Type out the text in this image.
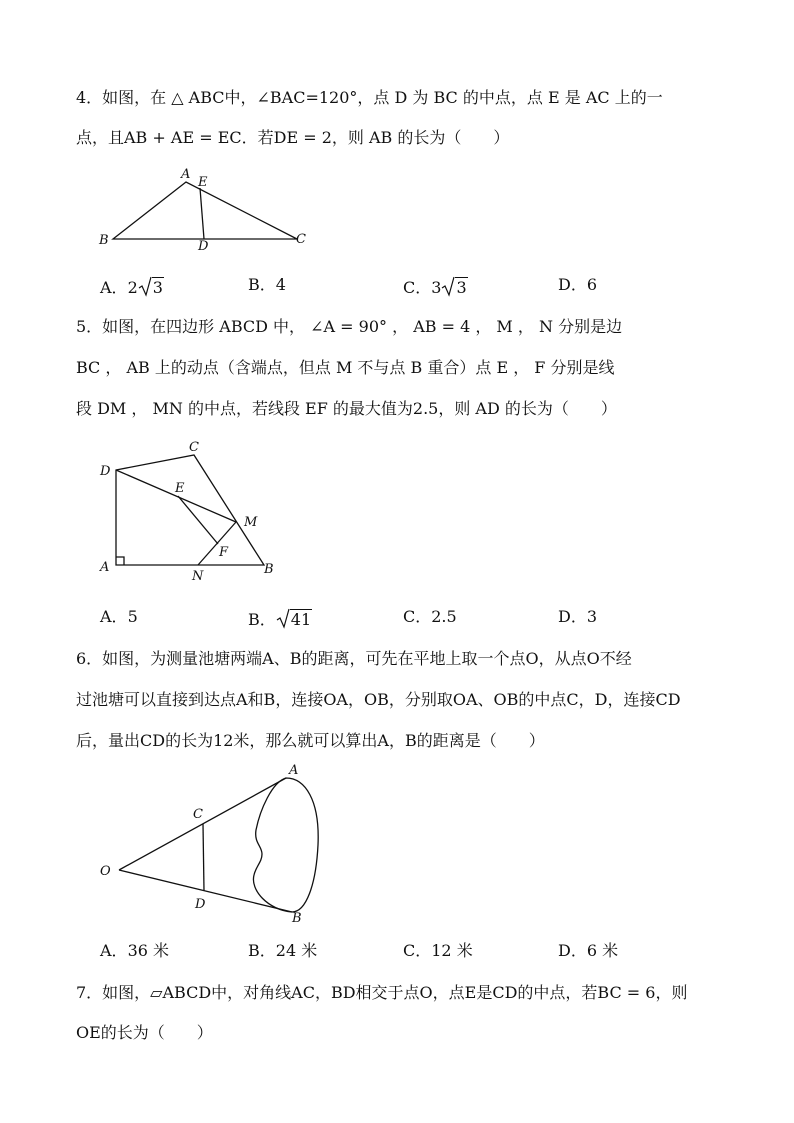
4．如图，在 △ ABC中，∠BAC=120°，点 D 为 BC 的中点，点 E 是 AC 上的一
点，且AB + AE = EC．若DE = 2，则 AB 的长为（　　）
A
E
B	D	C
A．2 3	B．4	C．3 3	D．6
5．如图，在四边形 ABCD 中， ∠A = 90° ， AB = 4 ， M ， N 分别是边
BC ， AB 上的动点（含端点，但点 M 不与点 B 重合）点 E ， F 分别是线
段 DM ， MN 的中点，若线段 EF 的最大值为2.5，则 AD 的长为（　　）
C
D
E
M
F
A
N	B
A．5	B． 41	C．2.5	D．3
6．如图，为测量池塘两端A、B的距离，可先在平地上取一个点O，从点O不经
过池塘可以直接到达点A和B，连接OA，OB，分别取OA、OB的中点C，D，连接CD
后，量出CD的长为12米，那么就可以算出A，B的距离是（　　）
A
C
O
D
B
A．36 米	B．24 米	C．12 米	D．6 米
7．如图，▱ABCD中，对角线AC，BD相交于点O，点E是CD的中点，若BC = 6，则
OE的长为（　　）
